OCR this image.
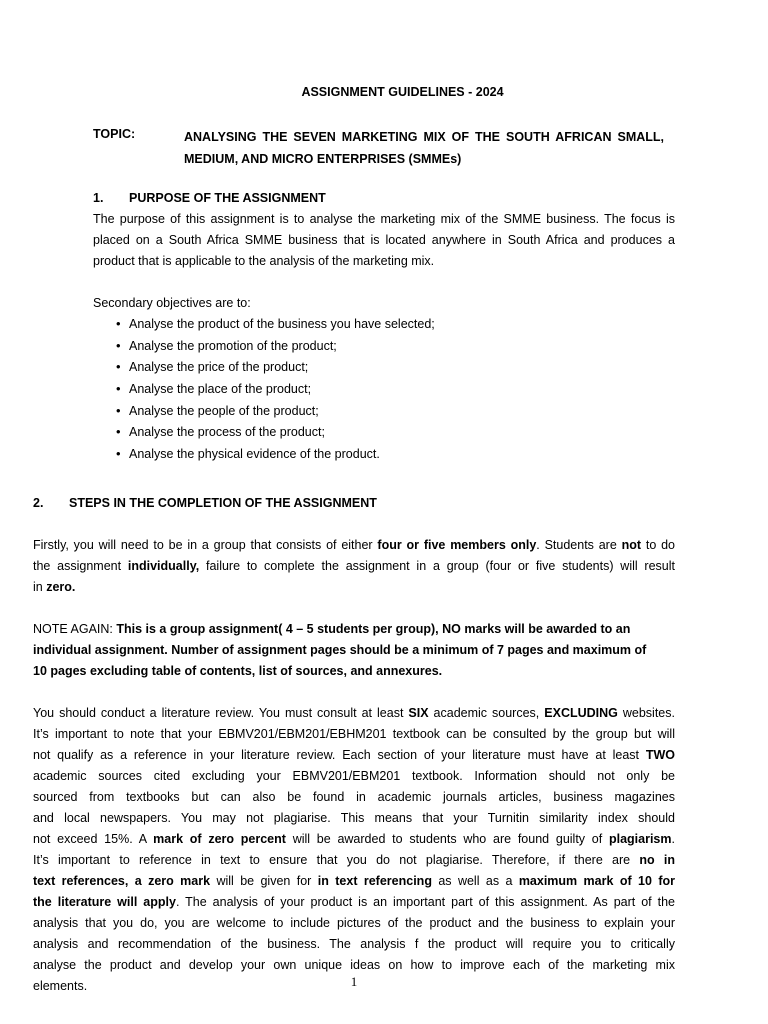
ASSIGNMENT GUIDELINES - 2024
TOPIC:	ANALYSING THE SEVEN MARKETING MIX OF THE SOUTH AFRICAN SMALL,
MEDIUM, AND MICRO ENTERPRISES (SMMEs)
1. PURPOSE OF THE ASSIGNMENT
The purpose of this assignment is to analyse the marketing mix of the SMME business. The focus is
placed on a South Africa SMME business that is located anywhere in South Africa and produces a
product that is applicable to the analysis of the marketing mix.
Secondary objectives are to:
• Analyse the product of the business you have selected;
• Analyse the promotion of the product;
• Analyse the price of the product;
• Analyse the place of the product;
• Analyse the people of the product;
• Analyse the process of the product;
• Analyse the physical evidence of the product.
2. STEPS IN THE COMPLETION OF THE ASSIGNMENT
Firstly, you will need to be in a group that consists of either four or five members only. Students are not to do
the assignment individually, failure to complete the assignment in a group (four or five students) will result
in zero.
NOTE AGAIN: This is a group assignment( 4 – 5 students per group), NO marks will be awarded to an
individual assignment. Number of assignment pages should be a minimum of 7 pages and maximum of
10 pages excluding table of contents, list of sources, and annexures.
You should conduct a literature review. You must consult at least SIX academic sources, EXCLUDING websites.
It’s important to note that your EBMV201/EBM201/EBHM201 textbook can be consulted by the group but will
not qualify as a reference in your literature review. Each section of your literature must have at least TWO
academic sources cited excluding your EBMV201/EBM201 textbook. Information should not only be
sourced from textbooks but can also be found in academic journals articles, business magazines
and local newspapers. You may not plagiarise. This means that your Turnitin similarity index should
not exceed 15%. A mark of zero percent will be awarded to students who are found guilty of plagiarism.
It’s important to reference in text to ensure that you do not plagiarise. Therefore, if there are no in
text references, a zero mark will be given for in text referencing as well as a maximum mark of 10 for
the literature will apply. The analysis of your product is an important part of this assignment. As part of the
analysis that you do, you are welcome to include pictures of the product and the business to explain your
analysis and recommendation of the business. The analysis f the product will require you to critically
analyse the product and develop your own unique ideas on how to improve each of the marketing mix
elements.	1
